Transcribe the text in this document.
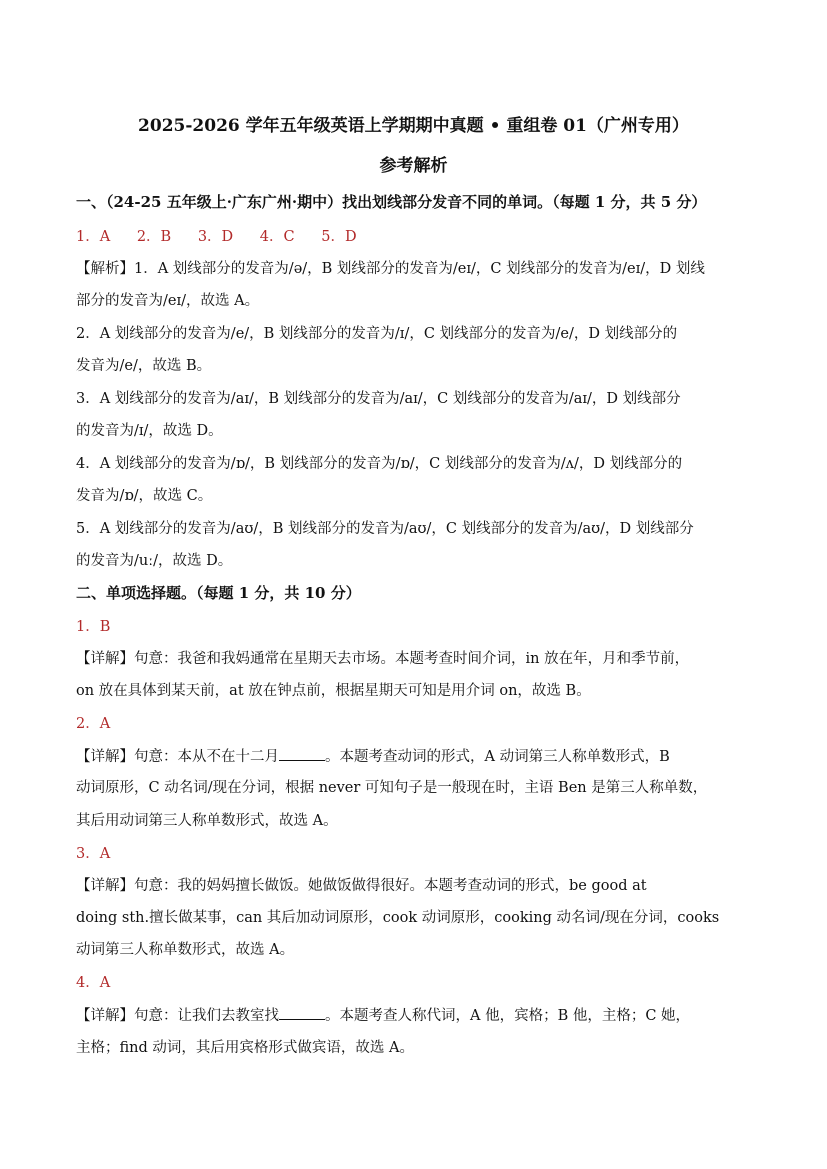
2025-2026 学年五年级英语上学期期中真题 • 重组卷 01（广州专用）
参考解析
一、（24-25 五年级上·广东广州·期中）找出划线部分发音不同的单词。（每题 1 分，共 5 分）
1．A 2．B 3．D 4．C 5．D
【解析】1．A 划线部分的发音为/ə/，B 划线部分的发音为/eɪ/，C 划线部分的发音为/eɪ/，D 划线
部分的发音为/eɪ/，故选 A。
2．A 划线部分的发音为/e/，B 划线部分的发音为/ɪ/，C 划线部分的发音为/e/，D 划线部分的
发音为/e/，故选 B。
3．A 划线部分的发音为/aɪ/，B 划线部分的发音为/aɪ/，C 划线部分的发音为/aɪ/，D 划线部分
的发音为/ɪ/，故选 D。
4．A 划线部分的发音为/ɒ/，B 划线部分的发音为/ɒ/，C 划线部分的发音为/ʌ/，D 划线部分的
发音为/ɒ/，故选 C。
5．A 划线部分的发音为/aʊ/，B 划线部分的发音为/aʊ/，C 划线部分的发音为/aʊ/，D 划线部分
的发音为/uː/，故选 D。
二、单项选择题。（每题 1 分，共 10 分）
1．B
【详解】句意：我爸和我妈通常在星期天去市场。本题考查时间介词，in 放在年，月和季节前，
on 放在具体到某天前，at 放在钟点前，根据星期天可知是用介词 on，故选 B。
2．A
【详解】句意：本从不在十二月	。本题考查动词的形式，A 动词第三人称单数形式，B
动词原形，C 动名词/现在分词，根据 never 可知句子是一般现在时，主语 Ben 是第三人称单数，
其后用动词第三人称单数形式，故选 A。
3．A
【详解】句意：我的妈妈擅长做饭。她做饭做得很好。本题考查动词的形式，be good at
doing sth.擅长做某事，can 其后加动词原形，cook 动词原形，cooking 动名词/现在分词，cooks
动词第三人称单数形式，故选 A。
4．A
【详解】句意：让我们去教室找	。本题考查人称代词，A 他，宾格；B 他，主格；C 她，
主格；find 动词，其后用宾格形式做宾语，故选 A。
